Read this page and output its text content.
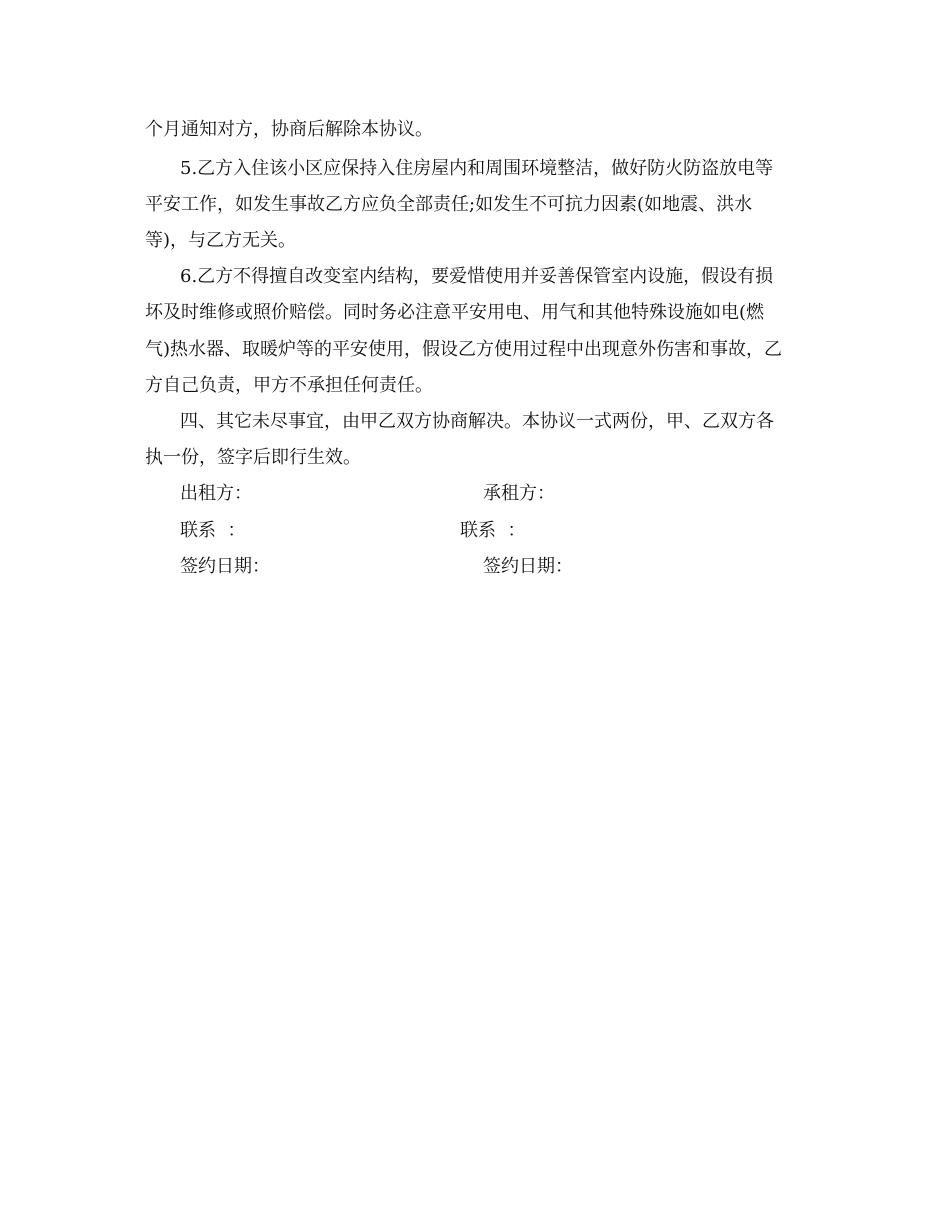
个月通知对方，协商后解除本协议。
5.乙方入住该小区应保持入住房屋内和周围环境整洁，做好防火防盗放电等
平安工作，如发生事故乙方应负全部责任;如发生不可抗力因素(如地震、洪水
等)，与乙方无关。
6.乙方不得擅自改变室内结构，要爱惜使用并妥善保管室内设施，假设有损
坏及时维修或照价赔偿。同时务必注意平安用电、用气和其他特殊设施如电(燃
气)热水器、取暖炉等的平安使用，假设乙方使用过程中出现意外伤害和事故，乙
方自己负责，甲方不承担任何责任。
四、其它未尽事宜，由甲乙双方协商解决。本协议一式两份，甲、乙双方各
执一份，签字后即行生效。
出租方：	承租方：
联系  ：	联系  ：
签约日期：	签约日期：
